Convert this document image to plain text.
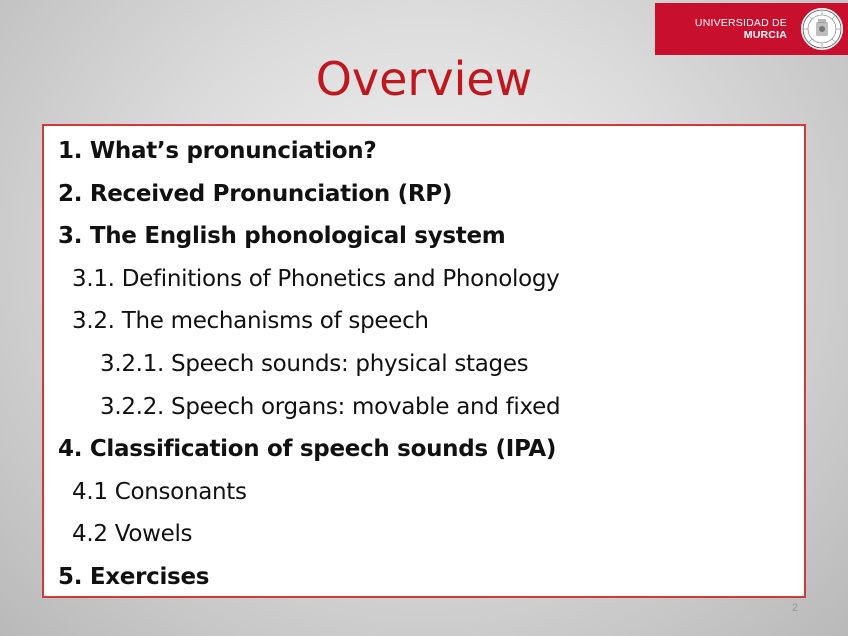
UNIVERSIDAD DE
MURCIA
Overview
1. What’s pronunciation?
2. Received Pronunciation (RP)
3. The English phonological system
3.1. Definitions of Phonetics and Phonology
3.2. The mechanisms of speech
3.2.1. Speech sounds: physical stages
3.2.2. Speech organs: movable and fixed
4. Classification of speech sounds (IPA)
4.1 Consonants
4.2 Vowels
5. Exercises
2
